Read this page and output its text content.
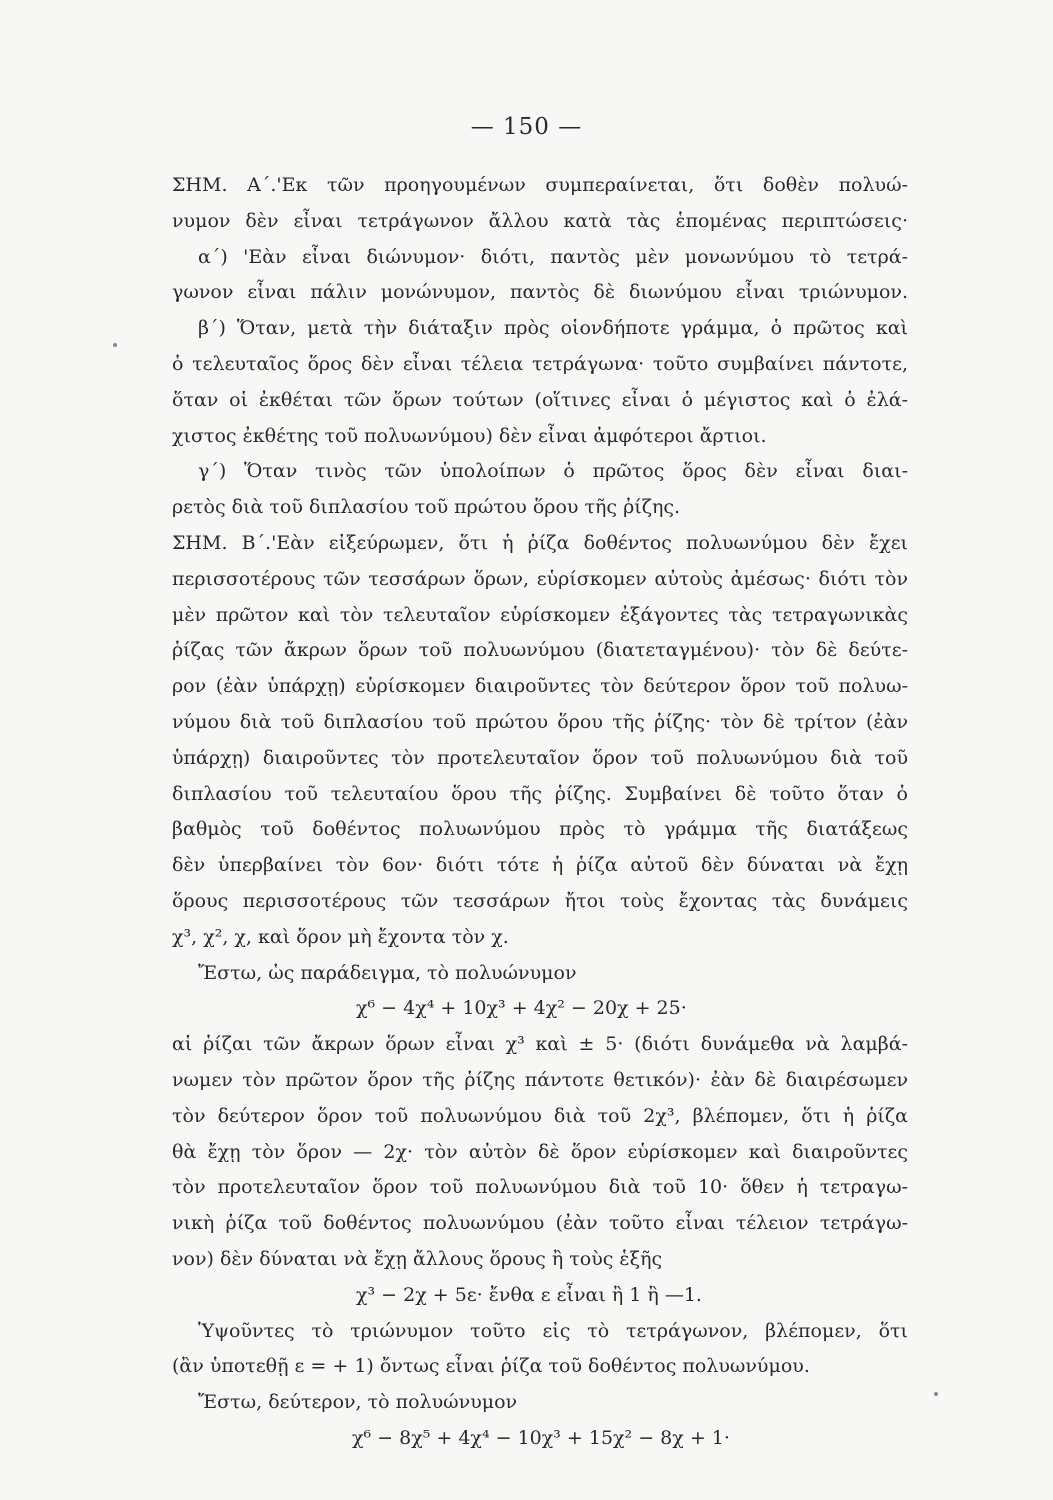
— 150 —
ΣΗΜ. Α΄.'Εκ τῶν προηγουμένων συμπεραίνεται, ὅτι δοθὲν πολυώ-
νυμον δὲν εἶναι τετράγωνον ἄλλου κατὰ τὰς ἑπομένας περιπτώσεις·
α΄) 'Εὰν εἶναι διώνυμον· διότι, παντὸς μὲν μονωνύμου τὸ τετρά-
γωνον εἶναι πάλιν μονώνυμον, παντὸς δὲ διωνύμου εἶναι τριώνυμον.
β΄) Ὅταν, μετὰ τὴν διάταξιν πρὸς οἱονδήποτε γράμμα, ὁ πρῶτος καὶ
ὁ τελευταῖος ὅρος δὲν εἶναι τέλεια τετράγωνα· τοῦτο συμβαίνει πάντοτε,
ὅταν οἱ ἐκθέται τῶν ὅρων τούτων (οἵτινες εἶναι ὁ μέγιστος καὶ ὁ ἐλά-
χιστος ἐκθέτης τοῦ πολυωνύμου) δὲν εἶναι ἀμφότεροι ἄρτιοι.
γ΄) Ὅταν τινὸς τῶν ὑπολοίπων ὁ πρῶτος ὅρος δὲν εἶναι διαι-
ρετὸς διὰ τοῦ διπλασίου τοῦ πρώτου ὅρου τῆς ῥίζης.
ΣΗΜ. Β΄.'Εὰν εἰξεύρωμεν, ὅτι ἡ ῥίζα δοθέντος πολυωνύμου δὲν ἔχει
περισσοτέρους τῶν τεσσάρων ὅρων, εὑρίσκομεν αὐτοὺς ἀμέσως· διότι τὸν
μὲν πρῶτον καὶ τὸν τελευταῖον εὑρίσκομεν ἐξάγοντες τὰς τετραγωνικὰς
ῥίζας τῶν ἄκρων ὅρων τοῦ πολυωνύμου (διατεταγμένου)· τὸν δὲ δεύτε-
ρον (ἐὰν ὑπάρχῃ) εὑρίσκομεν διαιροῦντες τὸν δεύτερον ὅρον τοῦ πολυω-
νύμου διὰ τοῦ διπλασίου τοῦ πρώτου ὅρου τῆς ῥίζης· τὸν δὲ τρίτον (ἐὰν
ὑπάρχῃ) διαιροῦντες τὸν προτελευταῖον ὅρον τοῦ πολυωνύμου διὰ τοῦ
διπλασίου τοῦ τελευταίου ὅρου τῆς ῥίζης. Συμβαίνει δὲ τοῦτο ὅταν ὁ
βαθμὸς τοῦ δοθέντος πολυωνύμου πρὸς τὸ γράμμα τῆς διατάξεως
δὲν ὑπερβαίνει τὸν 6ον· διότι τότε ἡ ῥίζα αὐτοῦ δὲν δύναται νὰ ἔχῃ
ὅρους περισσοτέρους τῶν τεσσάρων ἤτοι τοὺς ἔχοντας τὰς δυνάμεις
χ³, χ², χ, καὶ ὅρον μὴ ἔχοντα τὸν χ.
Ἔστω, ὡς παράδειγμα, τὸ πολυώνυμον
χ⁶ − 4χ⁴ + 10χ³ + 4χ² − 20χ + 25·
αἱ ῥίζαι τῶν ἄκρων ὅρων εἶναι χ³ καὶ ± 5· (διότι δυνάμεθα νὰ λαμβά-
νωμεν τὸν πρῶτον ὅρον τῆς ῥίζης πάντοτε θετικόν)· ἐὰν δὲ διαιρέσωμεν
τὸν δεύτερον ὅρον τοῦ πολυωνύμου διὰ τοῦ 2χ³, βλέπομεν, ὅτι ἡ ῥίζα
θὰ ἔχῃ τὸν ὅρον — 2χ· τὸν αὐτὸν δὲ ὅρον εὑρίσκομεν καὶ διαιροῦντες
τὸν προτελευταῖον ὅρον τοῦ πολυωνύμου διὰ τοῦ 10· ὅθεν ἡ τετραγω-
νικὴ ῥίζα τοῦ δοθέντος πολυωνύμου (ἐὰν τοῦτο εἶναι τέλειον τετράγω-
νον) δὲν δύναται νὰ ἔχῃ ἄλλους ὅρους ἢ τοὺς ἑξῆς
χ³ − 2χ + 5ε· ἔνθα ε εἶναι ἢ 1 ἢ —1.
Ὑψοῦντες τὸ τριώνυμον τοῦτο εἰς τὸ τετράγωνον, βλέπομεν, ὅτι
(ἂν ὑποτεθῇ ε = + 1) ὄντως εἶναι ῥίζα τοῦ δοθέντος πολυωνύμου.
Ἔστω, δεύτερον, τὸ πολυώνυμον
χ⁶ − 8χ⁵ + 4χ⁴ − 10χ³ + 15χ² − 8χ + 1·
